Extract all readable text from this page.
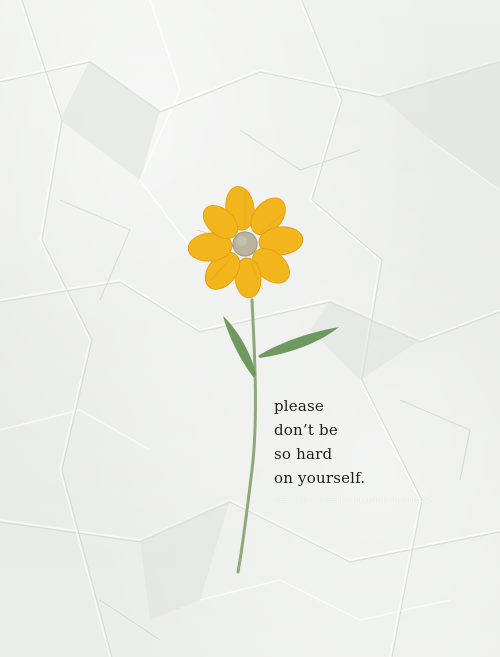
please
don’t be
so hard
on yourself.
THELOVEYOURSELFCHALLENGE.TUMBLR.COM
